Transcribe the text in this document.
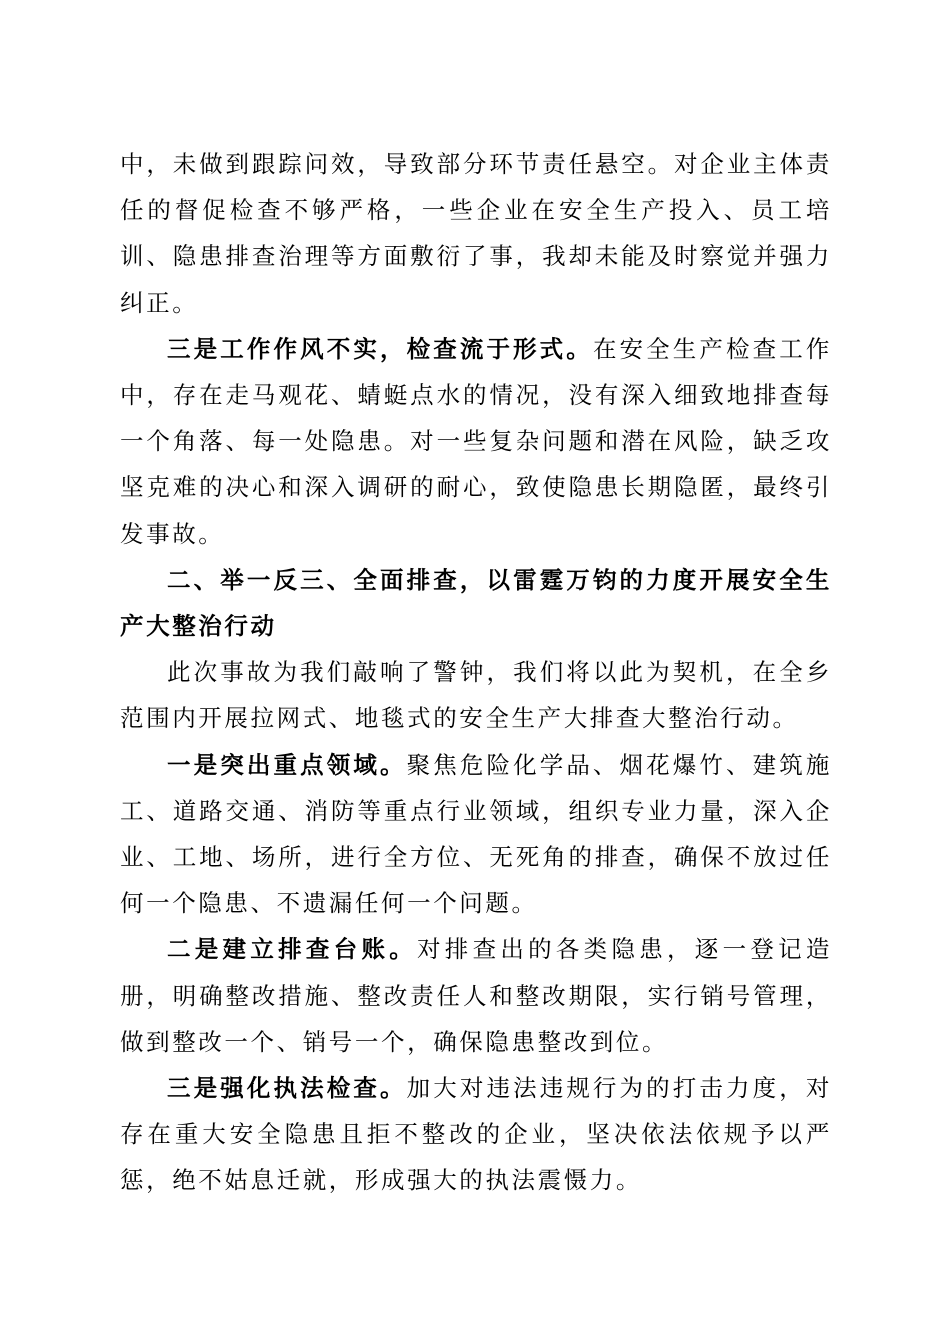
中，未做到跟踪问效，导致部分环节责任悬空。对企业主体责任的督促检查不够严格，一些企业在安全生产投入、员工培训、隐患排查治理等方面敷衍了事，我却未能及时察觉并强力纠正。

三是工作作风不实，检查流于形式。在安全生产检查工作中，存在走马观花、蜻蜓点水的情况，没有深入细致地排查每一个角落、每一处隐患。对一些复杂问题和潜在风险，缺乏攻坚克难的决心和深入调研的耐心，致使隐患长期隐匿，最终引发事故。

二、举一反三、全面排查，以雷霆万钧的力度开展安全生产大整治行动

此次事故为我们敲响了警钟，我们将以此为契机，在全乡范围内开展拉网式、地毯式的安全生产大排查大整治行动。

一是突出重点领域。聚焦危险化学品、烟花爆竹、建筑施工、道路交通、消防等重点行业领域，组织专业力量，深入企业、工地、场所，进行全方位、无死角的排查，确保不放过任何一个隐患、不遗漏任何一个问题。

二是建立排查台账。对排查出的各类隐患，逐一登记造册，明确整改措施、整改责任人和整改期限，实行销号管理，做到整改一个、销号一个，确保隐患整改到位。

三是强化执法检查。加大对违法违规行为的打击力度，对存在重大安全隐患且拒不整改的企业，坚决依法依规予以严惩，绝不姑息迁就，形成强大的执法震慑力。
